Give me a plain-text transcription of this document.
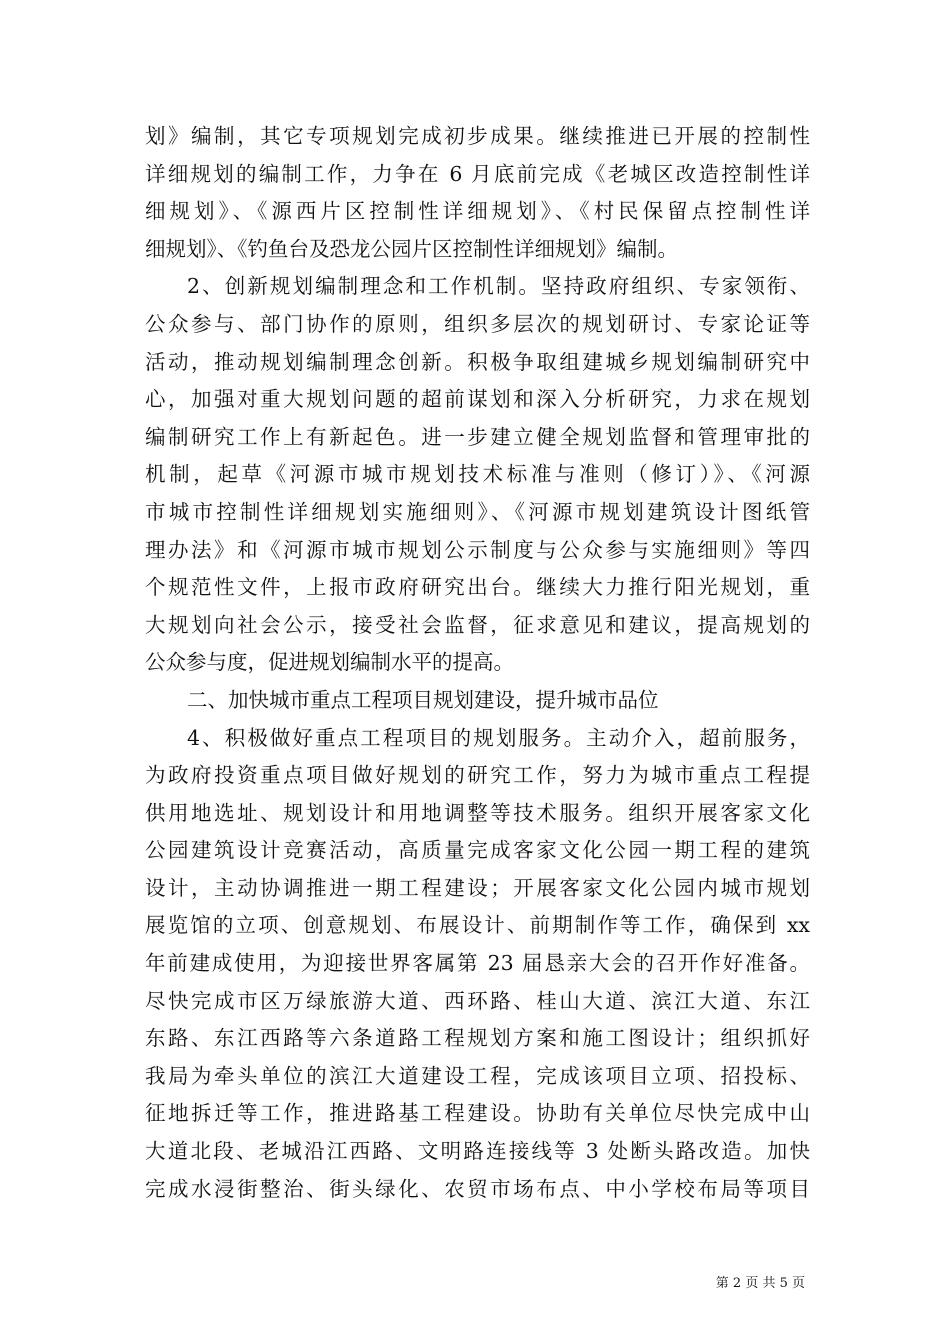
划》编制，其它专项规划完成初步成果。继续推进已开展的控制性
详细规划的编制工作，力争在 6 月底前完成《老城区改造控制性详
细规划》、《源西片区控制性详细规划》、《村民保留点控制性详
细规划》、《钓鱼台及恐龙公园片区控制性详细规划》编制。
2、创新规划编制理念和工作机制。坚持政府组织、专家领衔、
公众参与、部门协作的原则，组织多层次的规划研讨、专家论证等
活动，推动规划编制理念创新。积极争取组建城乡规划编制研究中
心，加强对重大规划问题的超前谋划和深入分析研究，力求在规划
编制研究工作上有新起色。进一步建立健全规划监督和管理审批的
机制，起草《河源市城市规划技术标准与准则（修订）》、《河源
市城市控制性详细规划实施细则》、《河源市规划建筑设计图纸管
理办法》和《河源市城市规划公示制度与公众参与实施细则》等四
个规范性文件，上报市政府研究出台。继续大力推行阳光规划，重
大规划向社会公示，接受社会监督，征求意见和建议，提高规划的
公众参与度，促进规划编制水平的提高。
二、加快城市重点工程项目规划建设，提升城市品位
4、积极做好重点工程项目的规划服务。主动介入，超前服务，
为政府投资重点项目做好规划的研究工作，努力为城市重点工程提
供用地选址、规划设计和用地调整等技术服务。组织开展客家文化
公园建筑设计竞赛活动，高质量完成客家文化公园一期工程的建筑
设计，主动协调推进一期工程建设；开展客家文化公园内城市规划
展览馆的立项、创意规划、布展设计、前期制作等工作，确保到 xx
年前建成使用，为迎接世界客属第 23 届恳亲大会的召开作好准备。
尽快完成市区万绿旅游大道、西环路、桂山大道、滨江大道、东江
东路、东江西路等六条道路工程规划方案和施工图设计；组织抓好
我局为牵头单位的滨江大道建设工程，完成该项目立项、招投标、
征地拆迁等工作，推进路基工程建设。协助有关单位尽快完成中山
大道北段、老城沿江西路、文明路连接线等 3 处断头路改造。加快
完成水浸街整治、街头绿化、农贸市场布点、中小学校布局等项目
第 2 页 共 5 页
